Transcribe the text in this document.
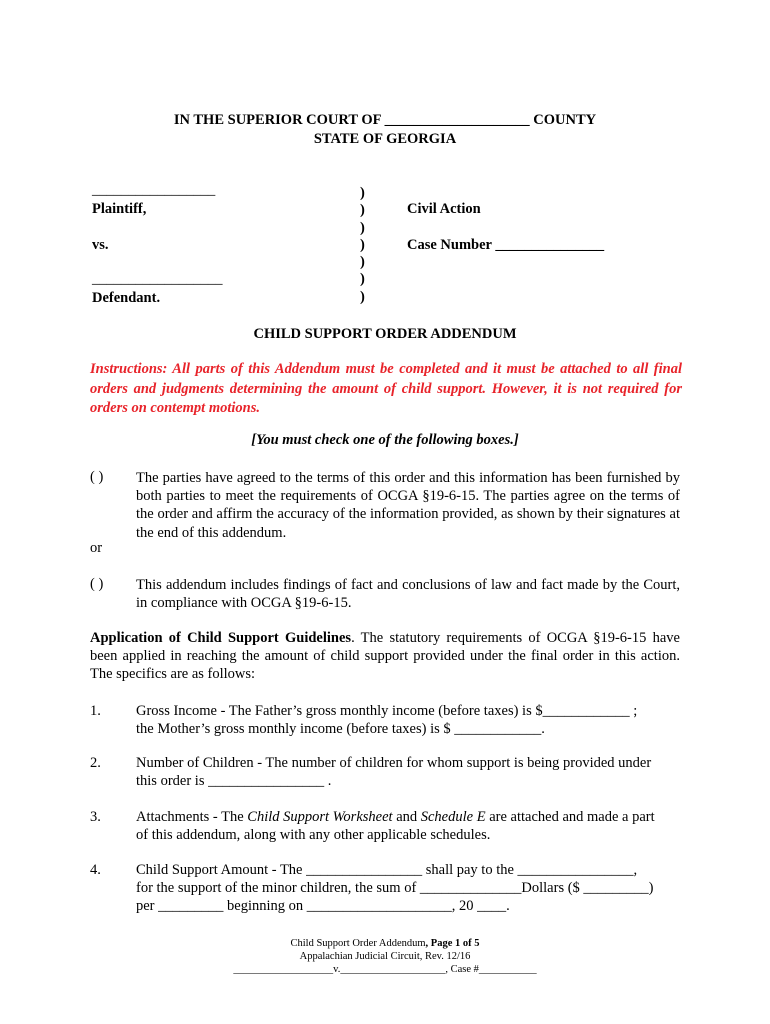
IN THE SUPERIOR COURT OF ____________________ COUNTY
STATE OF GEORGIA
_________________
Plaintiff,
vs.
__________________
Defendant.
)
)
)
)
)
)
)
Civil Action
Case Number _______________
CHILD SUPPORT ORDER ADDENDUM
Instructions: All parts of this Addendum must be completed and it must be attached to all final orders and judgments determining the amount of child support. However, it is not required for orders on contempt motions.
[You must check one of the following boxes.]
( ) The parties have agreed to the terms of this order and this information has been furnished by both parties to meet the requirements of OCGA §19-6-15. The parties agree on the terms of the order and affirm the accuracy of the information provided, as shown by their signatures at the end of this addendum.
or
( ) This addendum includes findings of fact and conclusions of law and fact made by the Court, in compliance with OCGA §19-6-15.
Application of Child Support Guidelines. The statutory requirements of OCGA §19-6-15 have been applied in reaching the amount of child support provided under the final order in this action. The specifics are as follows:
1. Gross Income - The Father’s gross monthly income (before taxes) is $____________ ;
the Mother’s gross monthly income (before taxes) is $ ____________.
2. Number of Children - The number of children for whom support is being provided under
this order is ________________ .
3. Attachments - The Child Support Worksheet and Schedule E are attached and made a part
of this addendum, along with any other applicable schedules.
4. Child Support Amount - The ________________ shall pay to the ________________,
for the support of the minor children, the sum of ______________Dollars ($ _________)
per _________ beginning on ____________________, 20 ____.
Child Support Order Addendum, Page 1 of 5
Appalachian Judicial Circuit, Rev. 12/16
___________________v.____________________, Case #___________
